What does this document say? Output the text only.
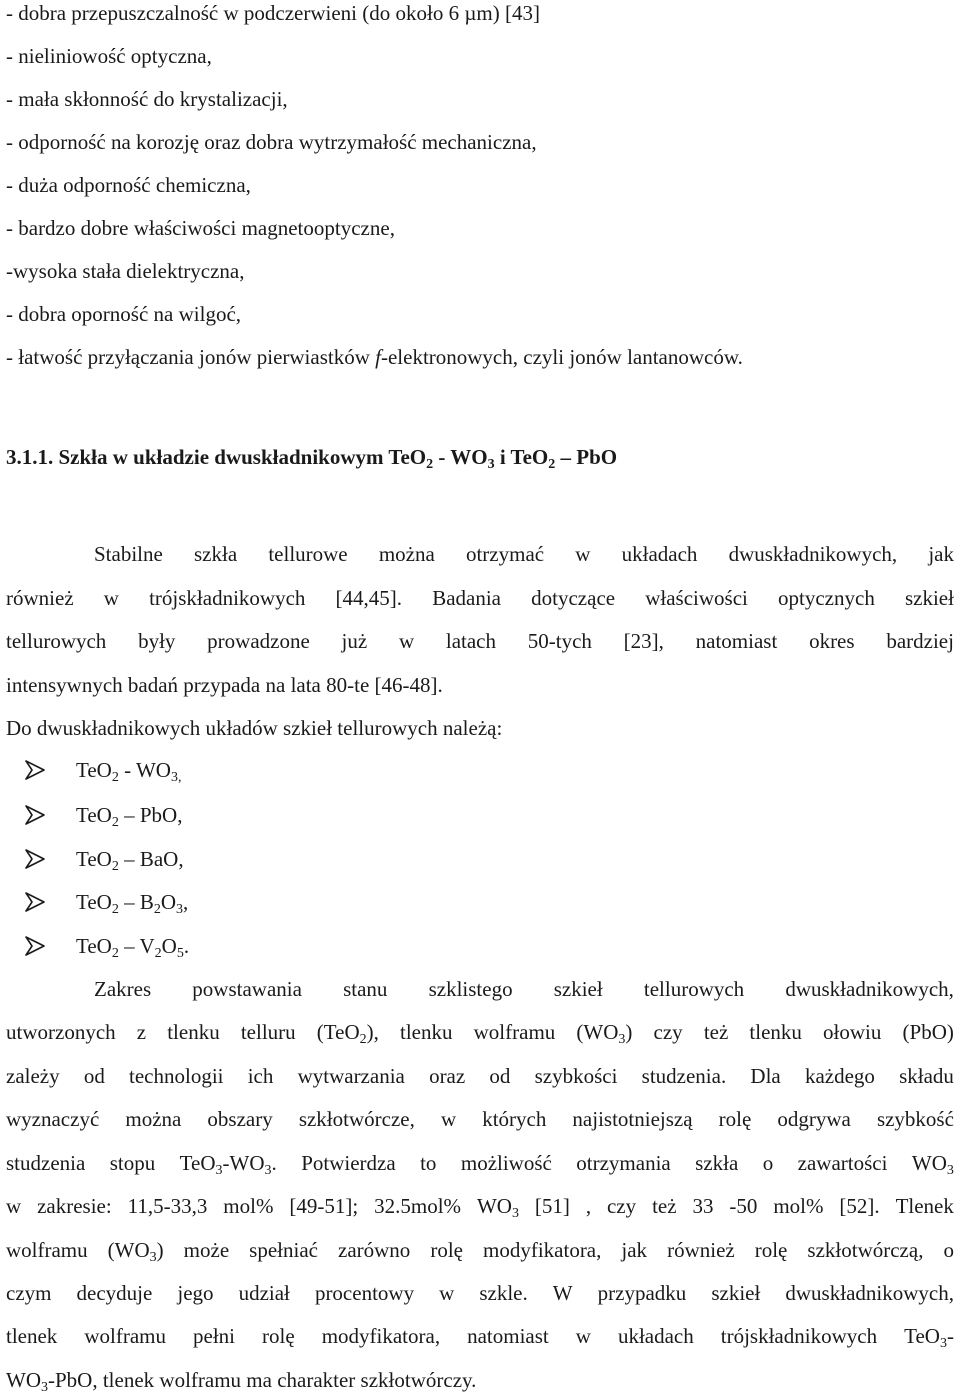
- dobra przepuszczalność w podczerwieni (do około 6 µm) [43]
- nieliniowość optyczna,
- mała skłonność do krystalizacji,
- odporność na korozję oraz dobra wytrzymałość mechaniczna,
- duża odporność chemiczna,
- bardzo dobre właściwości magnetooptyczne,
-wysoka stała dielektryczna,
- dobra oporność na wilgoć,
- łatwość przyłączania jonów pierwiastków f-elektronowych, czyli jonów lantanowców.
3.1.1. Szkła w układzie dwuskładnikowym $TeO_2 - WO_3$ i TeO$_2$ – PbO
Stabilne szkła tellurowe można otrzymać w układach dwuskładnikowych, jak
również w trójskładnikowych [44,45]. Badania dotyczące właściwości optycznych szkieł
tellurowych były prowadzone już w latach 50-tych [23], natomiast okres bardziej
intensywnych badań przypada na lata 80-te [46-48].
Do dwuskładnikowych układów szkieł tellurowych należą:
$TeO_2 - WO_{3,}$
TeO$_2$ – PbO,
TeO$_2$ – BaO,
$TeO_2 - B_2O_3$,
$TeO_2 - V_2O_5$.
Zakres powstawania stanu szklistego szkieł tellurowych dwuskładnikowych,
utworzonych z tlenku telluru (TeO$_2$), tlenku wolframu $(WO_3)$ czy też tlenku ołowiu (PbO)
zależy od technologii ich wytwarzania oraz od szybkości studzenia. Dla każdego składu
wyznaczyć można obszary szkłotwórcze, w których najistotniejszą rolę odgrywa szybkość
studzenia stopu $TeO_3-WO_3$. Potwierdza to możliwość otrzymania szkła o zawartości $WO_3$
w zakresie: 11,5-33,3 mol% [49-51]; 32.5mol% $WO_3$ [51] , czy też 33 -50 mol% [52]. Tlenek
wolframu $(WO_3)$ może spełniać zarówno rolę modyfikatora, jak również rolę szkłotwórczą, o
czym decyduje jego udział procentowy w szkle. W przypadku szkieł dwuskładnikowych,
tlenek wolframu pełni rolę modyfikatora, natomiast w układach trójskładnikowych TeO$_3$-
$WO_3$-PbO, tlenek wolframu ma charakter szkłotwórczy.
